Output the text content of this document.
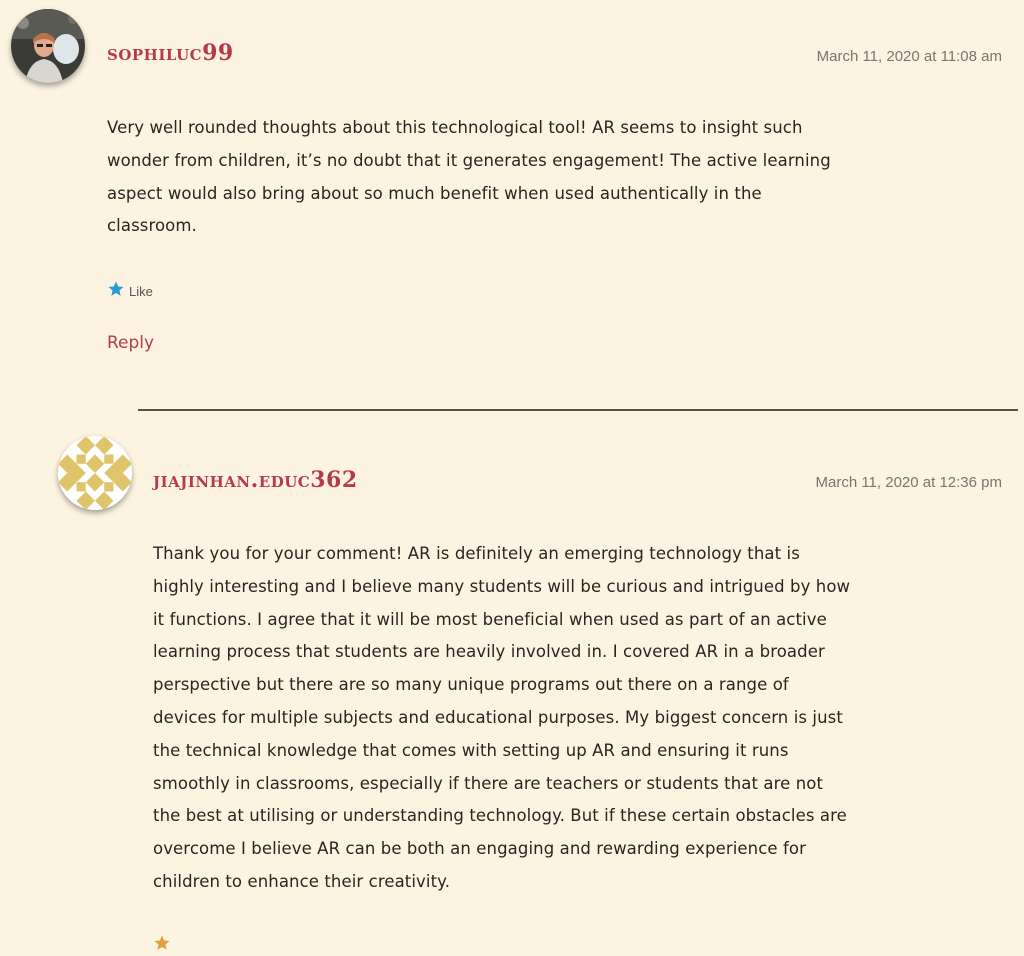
sophiluc99	March 11, 2020 at 11:08 am

Very well rounded thoughts about this technological tool! AR seems to insight such wonder from children, it’s no doubt that it generates engagement! The active learning aspect would also bring about so much benefit when used authentically in the classroom.

Like
Reply
jiajinhan.educ362	March 11, 2020 at 12:36 pm

Thank you for your comment! AR is definitely an emerging technology that is highly interesting and I believe many students will be curious and intrigued by how it functions. I agree that it will be most beneficial when used as part of an active learning process that students are heavily involved in. I covered AR in a broader perspective but there are so many unique programs out there on a range of devices for multiple subjects and educational purposes. My biggest concern is just the technical knowledge that comes with setting up AR and ensuring it runs smoothly in classrooms, especially if there are teachers or students that are not the best at utilising or understanding technology. But if these certain obstacles are overcome I believe AR can be both an engaging and rewarding experience for children to enhance their creativity.
